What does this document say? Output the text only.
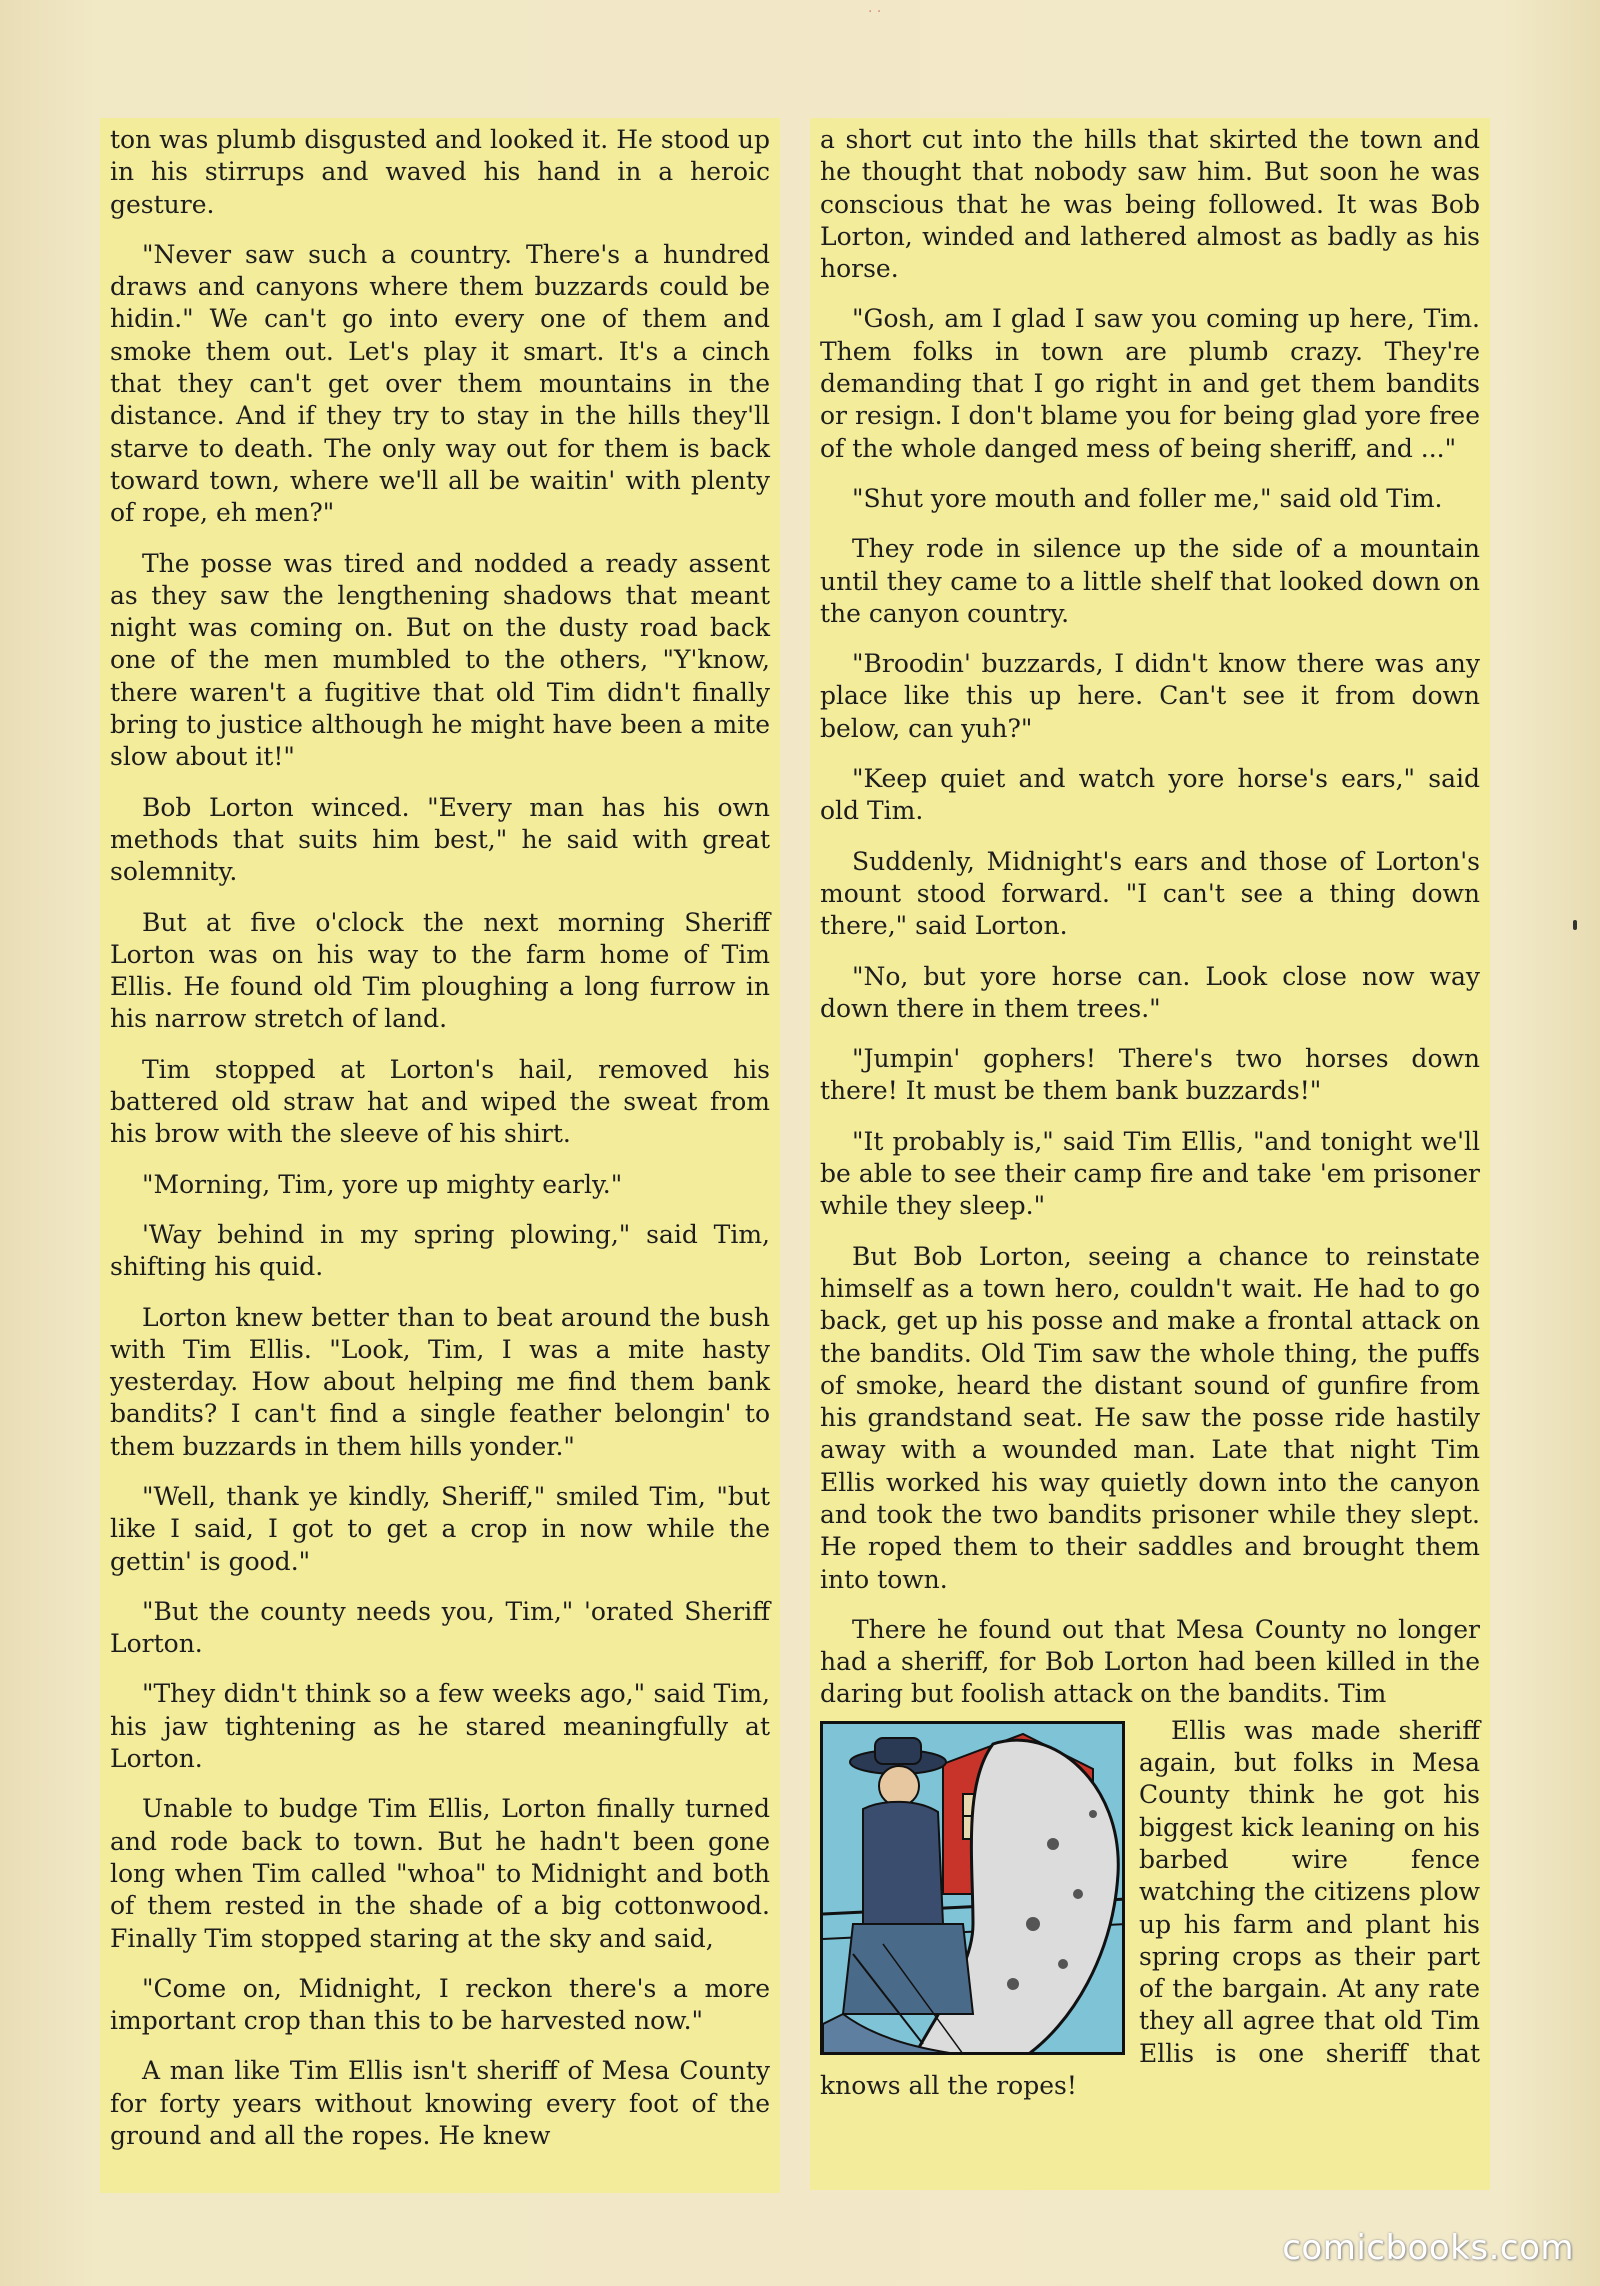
· ·

ton was plumb disgusted and looked it. He stood up in his stirrups and waved his hand in a heroic gesture.

"Never saw such a country. There's a hundred draws and canyons where them buzzards could be hidin." We can't go into every one of them and smoke them out. Let's play it smart. It's a cinch that they can't get over them mountains in the distance. And if they try to stay in the hills they'll starve to death. The only way out for them is back toward town, where we'll all be waitin' with plenty of rope, eh men?"

The posse was tired and nodded a ready assent as they saw the lengthening shadows that meant night was coming on. But on the dusty road back one of the men mumbled to the others, "Y'know, there waren't a fugitive that old Tim didn't finally bring to justice although he might have been a mite slow about it!"

Bob Lorton winced. "Every man has his own methods that suits him best," he said with great solemnity.

But at five o'clock the next morning Sheriff Lorton was on his way to the farm home of Tim Ellis. He found old Tim ploughing a long furrow in his narrow stretch of land.

Tim stopped at Lorton's hail, removed his battered old straw hat and wiped the sweat from his brow with the sleeve of his shirt.

"Morning, Tim, yore up mighty early."

'Way behind in my spring plowing," said Tim, shifting his quid.

Lorton knew better than to beat around the bush with Tim Ellis. "Look, Tim, I was a mite hasty yesterday. How about helping me find them bank bandits? I can't find a single feather belongin' to them buzzards in them hills yonder."

"Well, thank ye kindly, Sheriff," smiled Tim, "but like I said, I got to get a crop in now while the gettin' is good."

"But the county needs you, Tim," 'orated Sheriff Lorton.

"They didn't think so a few weeks ago," said Tim, his jaw tightening as he stared meaningfully at Lorton.

Unable to budge Tim Ellis, Lorton finally turned and rode back to town. But he hadn't been gone long when Tim called "whoa" to Midnight and both of them rested in the shade of a big cottonwood. Finally Tim stopped staring at the sky and said,

"Come on, Midnight, I reckon there's a more important crop than this to be harvested now."

A man like Tim Ellis isn't sheriff of Mesa County for forty years without knowing every foot of the ground and all the ropes. He knew

a short cut into the hills that skirted the town and he thought that nobody saw him. But soon he was conscious that he was being followed. It was Bob Lorton, winded and lathered almost as badly as his horse.

"Gosh, am I glad I saw you coming up here, Tim. Them folks in town are plumb crazy. They're demanding that I go right in and get them bandits or resign. I don't blame you for being glad yore free of the whole danged mess of being sheriff, and ..."

"Shut yore mouth and foller me," said old Tim.

They rode in silence up the side of a mountain until they came to a little shelf that looked down on the canyon country.

"Broodin' buzzards, I didn't know there was any place like this up here. Can't see it from down below, can yuh?"

"Keep quiet and watch yore horse's ears," said old Tim.

Suddenly, Midnight's ears and those of Lorton's mount stood forward. "I can't see a thing down there," said Lorton.

"No, but yore horse can. Look close now way down there in them trees."

"Jumpin' gophers! There's two horses down there! It must be them bank buzzards!"

"It probably is," said Tim Ellis, "and tonight we'll be able to see their camp fire and take 'em prisoner while they sleep."

But Bob Lorton, seeing a chance to reinstate himself as a town hero, couldn't wait. He had to go back, get up his posse and make a frontal attack on the bandits. Old Tim saw the whole thing, the puffs of smoke, heard the distant sound of gunfire from his grandstand seat. He saw the posse ride hastily away with a wounded man. Late that night Tim Ellis worked his way quietly down into the canyon and took the two bandits prisoner while they slept. He roped them to their saddles and brought them into town.

There he found out that Mesa County no longer had a sheriff, for Bob Lorton had been killed in the daring but foolish attack on the bandits. Tim

Ellis was made sheriff again, but folks in Mesa County think he got his biggest kick leaning on his barbed wire fence watching the citizens plow up his farm and plant his spring crops as their part of the bargain. At any rate they all agree that old Tim Ellis is one sheriff that knows all the ropes!

comicbooks.com
